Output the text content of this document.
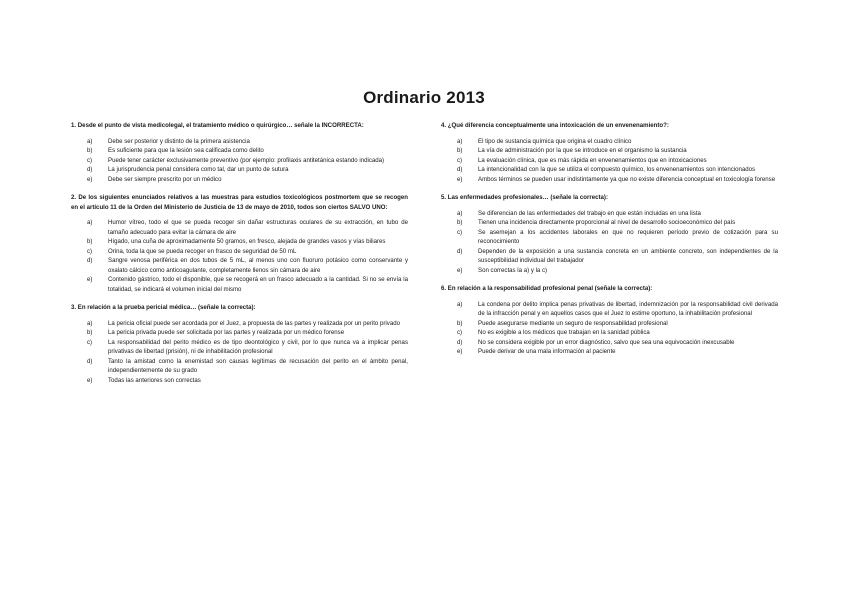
Ordinario 2013
1. Desde el punto de vista medicolegal, el tratamiento médico o quirúrgico… señale la INCORRECTA:
a)	Debe ser posterior y distinto de la primera asistencia
b)	Es suficiente para que la lesión sea calificada como delito
c)	Puede tener carácter exclusivamente preventivo (por ejemplo: profilaxis antitetánica estando indicada)
d)	La jurisprudencia penal considera como tal, dar un punto de sutura
e)	Debe ser siempre prescrito por un médico
2. De los siguientes enunciados relativos a las muestras para estudios toxicológicos postmortem que se recogen en el artículo 11 de la Orden del Ministerio de Justicia de 13 de mayo de 2010, todos son ciertos SALVO UNO:
a)	Humor vítreo, todo el que se pueda recoger sin dañar estructuras oculares de su extracción, en tubo de tamaño adecuado para evitar la cámara de aire
b)	Hígado, una cuña de aproximadamente 50 gramos, en fresco, alejada de grandes vasos y vías biliares
c)	Orina, toda la que se pueda recoger en frasco de seguridad de 50 mL
d)	Sangre venosa periférica en dos tubos de 5 mL, al menos uno con fluoruro potásico como conservante y oxalato cálcico como anticoagulante, completamente llenos sin cámara de aire
e)	Contenido gástrico, todo el disponible, que se recogerá en un frasco adecuado a la cantidad. Si no se envía la totalidad, se indicará el volumen inicial del mismo
3. En relación a la prueba pericial médica… (señale la correcta):
a)	La pericia oficial puede ser acordada por el Juez, a propuesta de las partes y realizada por un perito privado
b)	La pericia privada puede ser solicitada por las partes y realizada por un médico forense
c)	La responsabilidad del perito médico es de tipo deontológico y civil, por lo que nunca va a implicar penas privativas de libertad (prisión), ni de inhabilitación profesional
d)	Tanto la amistad como la enemistad son causas legítimas de recusación del perito en el ámbito penal, independientemente de su grado
e)	Todas las anteriores son correctas
4. ¿Qué diferencia conceptualmente una intoxicación de un envenenamiento?:
a)	El tipo de sustancia química que origina el cuadro clínico
b)	La vía de administración por la que se introduce en el organismo la sustancia
c)	La evaluación clínica, que es más rápida en envenenamientos que en intoxicaciones
d)	La intencionalidad con la que se utiliza el compuesto químico, los envenenamientos son intencionados
e)	Ambos términos se pueden usar indistintamente ya que no existe diferencia conceptual en toxicología forense
5. Las enfermedades profesionales… (señale la correcta):
a)	Se diferencian de las enfermedades del trabajo en que están incluidas en una lista
b)	Tienen una incidencia directamente proporcional al nivel de desarrollo socioeconómico del país
c)	Se asemejan a los accidentes laborales en que no requieren período previo de cotización para su reconocimiento
d)	Dependen de la exposición a una sustancia concreta en un ambiente concreto, son independientes de la susceptibilidad individual del trabajador
e)	Son correctas la a) y la c)
6. En relación a la responsabilidad profesional penal (señale la correcta):
a)	La condena por delito implica penas privativas de libertad, indemnización por la responsabilidad civil derivada de la infracción penal y en aquellos casos que el Juez lo estime oportuno, la inhabilitación profesional
b)	Puede asegurarse mediante un seguro de responsabilidad profesional
c)	No es exigible a los médicos que trabajan en la sanidad pública
d)	No se considera exigible por un error diagnóstico, salvo que sea una equivocación inexcusable
e)	Puede derivar de una mala información al paciente
